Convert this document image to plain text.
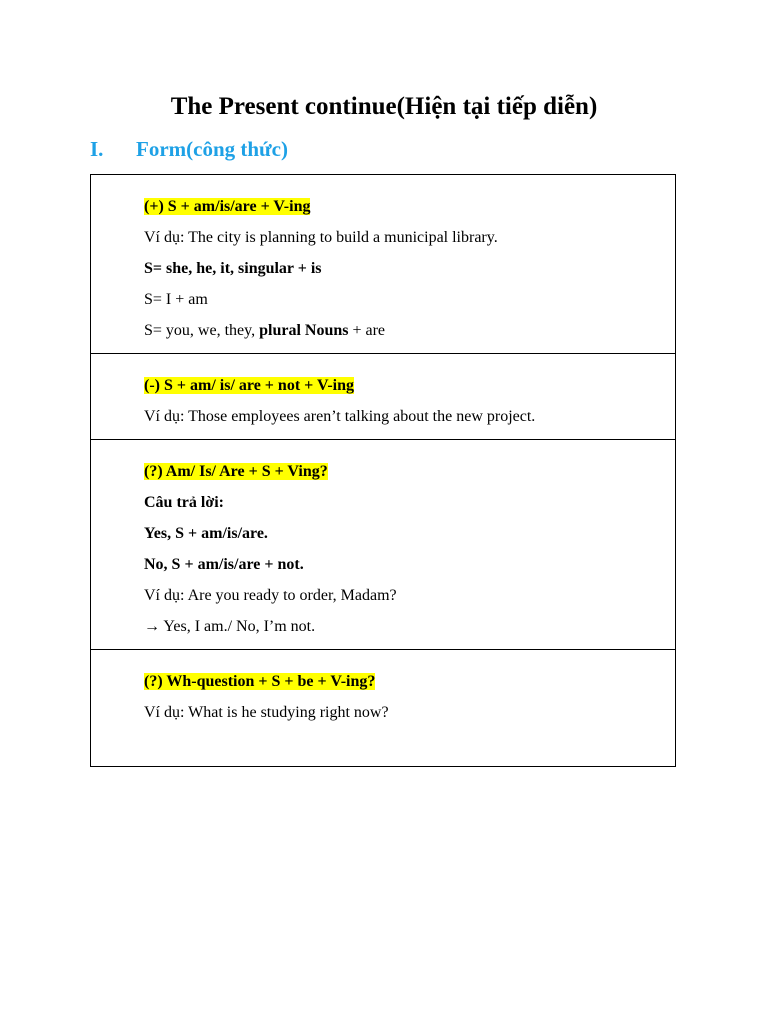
The Present continue(Hiện tại tiếp diễn)
I. Form(công thức)
(+) S + am/is/are + V-ing
Ví dụ: The city is planning to build a municipal library.
S= she, he, it, singular + is
S= I + am
S= you, we, they, plural Nouns + are
(-) S + am/ is/ are + not + V-ing
Ví dụ: Those employees aren’t talking about the new project.
(?) Am/ Is/ Are + S + Ving?
Câu trả lời:
Yes, S + am/is/are.
No, S + am/is/are + not.
Ví dụ: Are you ready to order, Madam?
→ Yes, I am./ No, I’m not.
(?) Wh-question + S + be + V-ing?
Ví dụ: What is he studying right now?
